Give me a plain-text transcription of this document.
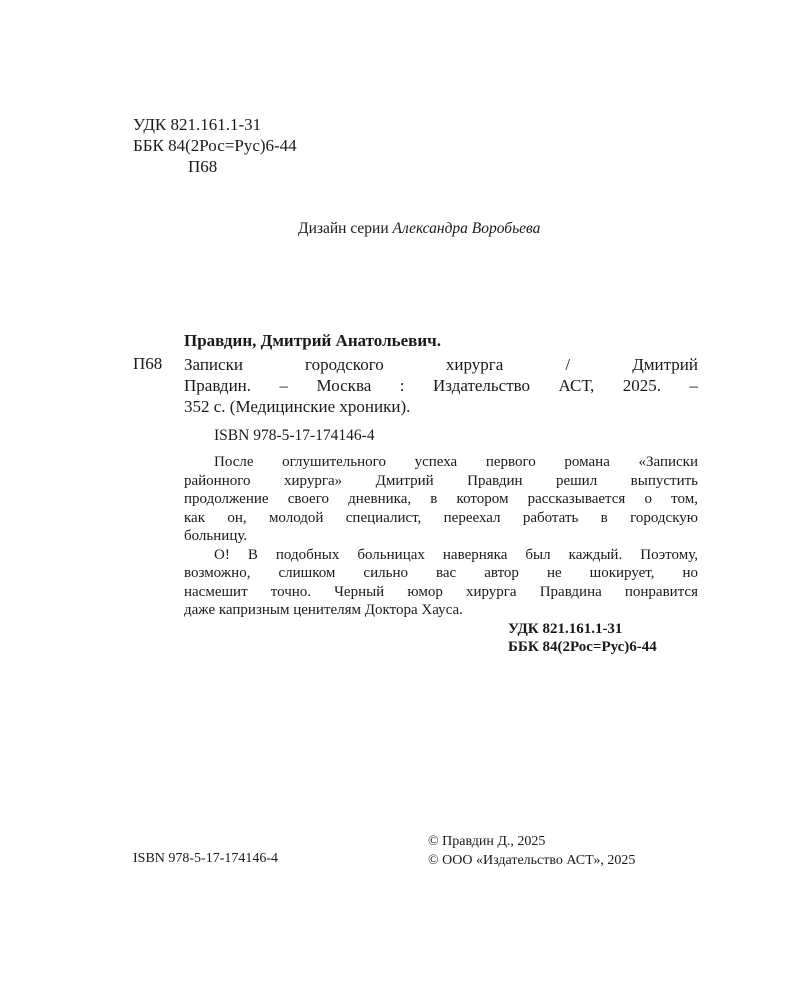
УДК 821.161.1-31
ББК 84(2Рос=Рус)6-44
П68
Дизайн серии Александра Воробьева
Правдин, Дмитрий Анатольевич.
П68 Записки городского хирурга / Дмитрий
Правдин. – Москва : Издательство АСТ, 2025. –
352 с. (Медицинские хроники).
ISBN 978-5-17-174146-4
После оглушительного успеха первого романа «Записки
районного хирурга» Дмитрий Правдин решил выпустить
продолжение своего дневника, в котором рассказывается о том,
как он, молодой специалист, переехал работать в городскую
больницу.
О! В подобных больницах наверняка был каждый. Поэтому,
возможно, слишком сильно вас автор не шокирует, но
насмешит точно. Черный юмор хирурга Правдина понравится
даже капризным ценителям Доктора Хауса.
УДК 821.161.1-31
ББК 84(2Рос=Рус)6-44
ISBN 978-5-17-174146-4
© Правдин Д., 2025
© ООО «Издательство АСТ», 2025
